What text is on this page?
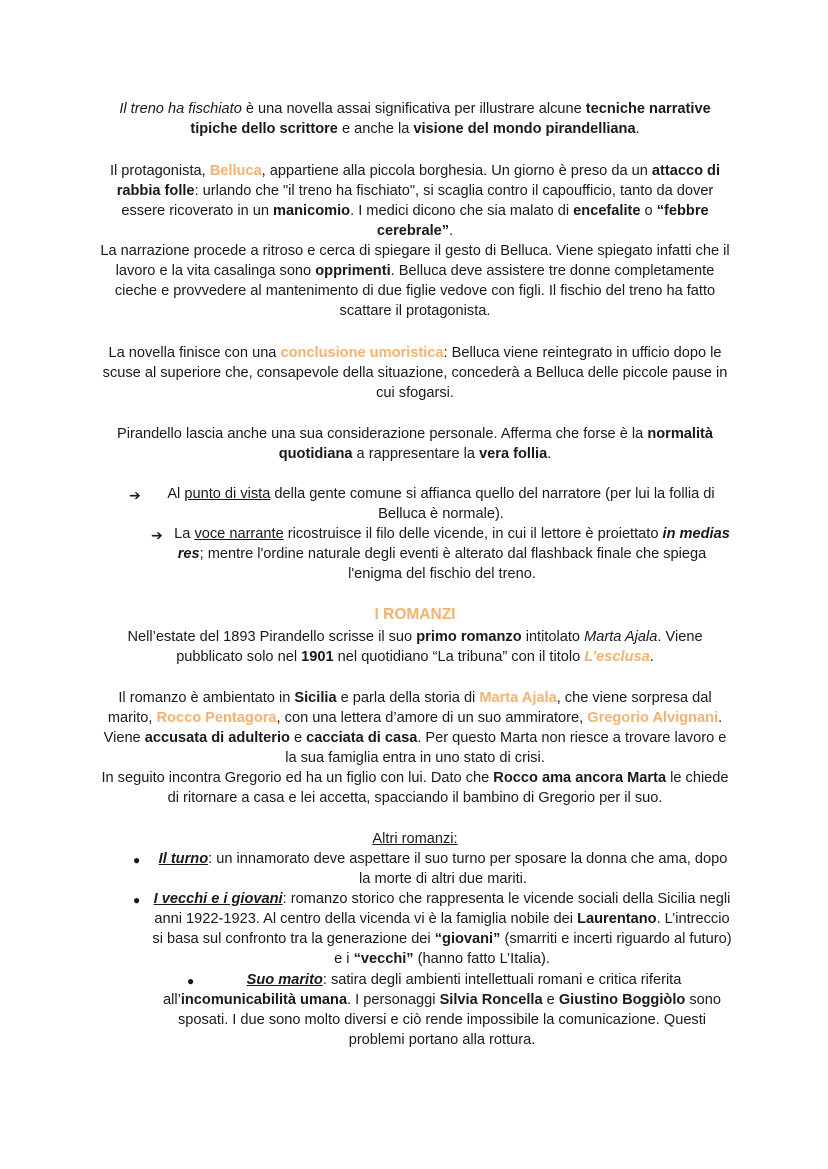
Il treno ha fischiato è una novella assai significativa per illustrare alcune tecniche narrative tipiche dello scrittore e anche la visione del mondo pirandelliana.

Il protagonista, Belluca, appartiene alla piccola borghesia. Un giorno è preso da un attacco di rabbia folle: urlando che "il treno ha fischiato", si scaglia contro il capoufficio, tanto da dover essere ricoverato in un manicomio. I medici dicono che sia malato di encefalite o “febbre cerebrale”.

La narrazione procede a ritroso e cerca di spiegare il gesto di Belluca. Viene spiegato infatti che il lavoro e la vita casalinga sono opprimenti. Belluca deve assistere tre donne completamente cieche e provvedere al mantenimento di due figlie vedove con figli. Il fischio del treno ha fatto scattare il protagonista.

La novella finisce con una conclusione umoristica: Belluca viene reintegrato in ufficio dopo le scuse al superiore che, consapevole della situazione, concederà a Belluca delle piccole pause in cui sfogarsi.

Pirandello lascia anche una sua considerazione personale. Afferma che forse è la normalità quotidiana a rappresentare la vera follia.

➔	Al punto di vista della gente comune si affianca quello del narratore (per lui la follia di Belluca è normale).

➔ La voce narrante ricostruisce il filo delle vicende, in cui il lettore è proiettato in medias res; mentre l'ordine naturale degli eventi è alterato dal flashback finale che spiega l'enigma del fischio del treno.

I ROMANZI

Nell’estate del 1893 Pirandello scrisse il suo primo romanzo intitolato Marta Ajala. Viene pubblicato solo nel 1901 nel quotidiano “La tribuna” con il titolo L’esclusa.

Il romanzo è ambientato in Sicilia e parla della storia di Marta Ajala, che viene sorpresa dal marito, Rocco Pentagora, con una lettera d’amore di un suo ammiratore, Gregorio Alvignani. Viene accusata di adulterio e cacciata di casa. Per questo Marta non riesce a trovare lavoro e la sua famiglia entra in uno stato di crisi.

In seguito incontra Gregorio ed ha un figlio con lui. Dato che Rocco ama ancora Marta le chiede di ritornare a casa e lei accetta, spacciando il bambino di Gregorio per il suo.

Altri romanzi:

●	Il turno: un innamorato deve aspettare il suo turno per sposare la donna che ama, dopo la morte di altri due mariti.

● I vecchi e i giovani: romanzo storico che rappresenta le vicende sociali della Sicilia negli anni 1922-1923. Al centro della vicenda vi è la famiglia nobile dei Laurentano. L’intreccio si basa sul confronto tra la generazione dei “giovani” (smarriti e incerti riguardo al futuro) e i “vecchi” (hanno fatto L’Italia).

●	Suo marito: satira degli ambienti intellettuali romani e critica riferita all’incomunicabilità umana. I personaggi Silvia Roncella e Giustino Boggiòlo sono sposati. I due sono molto diversi e ciò rende impossibile la comunicazione. Questi problemi portano alla rottura.
